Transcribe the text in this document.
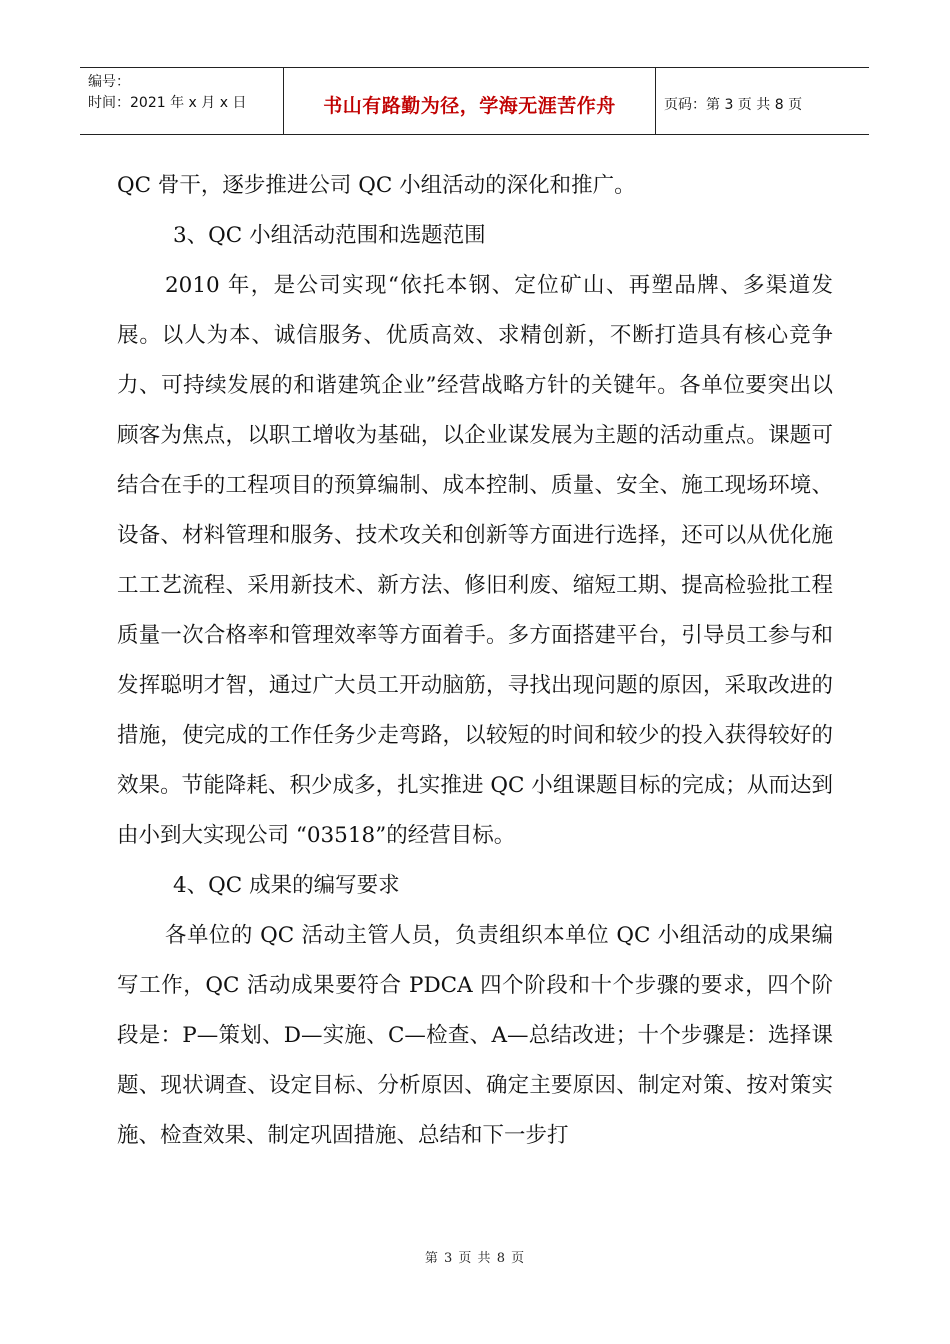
编号：
时间：2021 年 x 月 x 日	书山有路勤为径，学海无涯苦作舟	页码：第 3 页 共 8 页

QC 骨干，逐步推进公司 QC 小组活动的深化和推广。

3、QC 小组活动范围和选题范围

2010 年，是公司实现“依托本钢、定位矿山、再塑品牌、多渠道发展。以人为本、诚信服务、优质高效、求精创新，不断打造具有核心竞争力、可持续发展的和谐建筑企业”经营战略方针的关键年。各单位要突出以顾客为焦点，以职工增收为基础，以企业谋发展为主题的活动重点。课题可结合在手的工程项目的预算编制、成本控制、质量、安全、施工现场环境、设备、材料管理和服务、技术攻关和创新等方面进行选择，还可以从优化施工工艺流程、采用新技术、新方法、修旧利废、缩短工期、提高检验批工程质量一次合格率和管理效率等方面着手。多方面搭建平台，引导员工参与和发挥聪明才智，通过广大员工开动脑筋，寻找出现问题的原因，采取改进的措施，使完成的工作任务少走弯路，以较短的时间和较少的投入获得较好的效果。节能降耗、积少成多，扎实推进 QC 小组课题目标的完成；从而达到由小到大实现公司 “03518”的经营目标。

4、QC 成果的编写要求

各单位的 QC 活动主管人员，负责组织本单位 QC 小组活动的成果编写工作，QC 活动成果要符合 PDCA 四个阶段和十个步骤的要求，四个阶段是：P—策划、D—实施、C—检查、A—总结改进；十个步骤是：选择课题、现状调查、设定目标、分析原因、确定主要原因、制定对策、按对策实施、检查效果、制定巩固措施、总结和下一步打

第 3 页 共 8 页
